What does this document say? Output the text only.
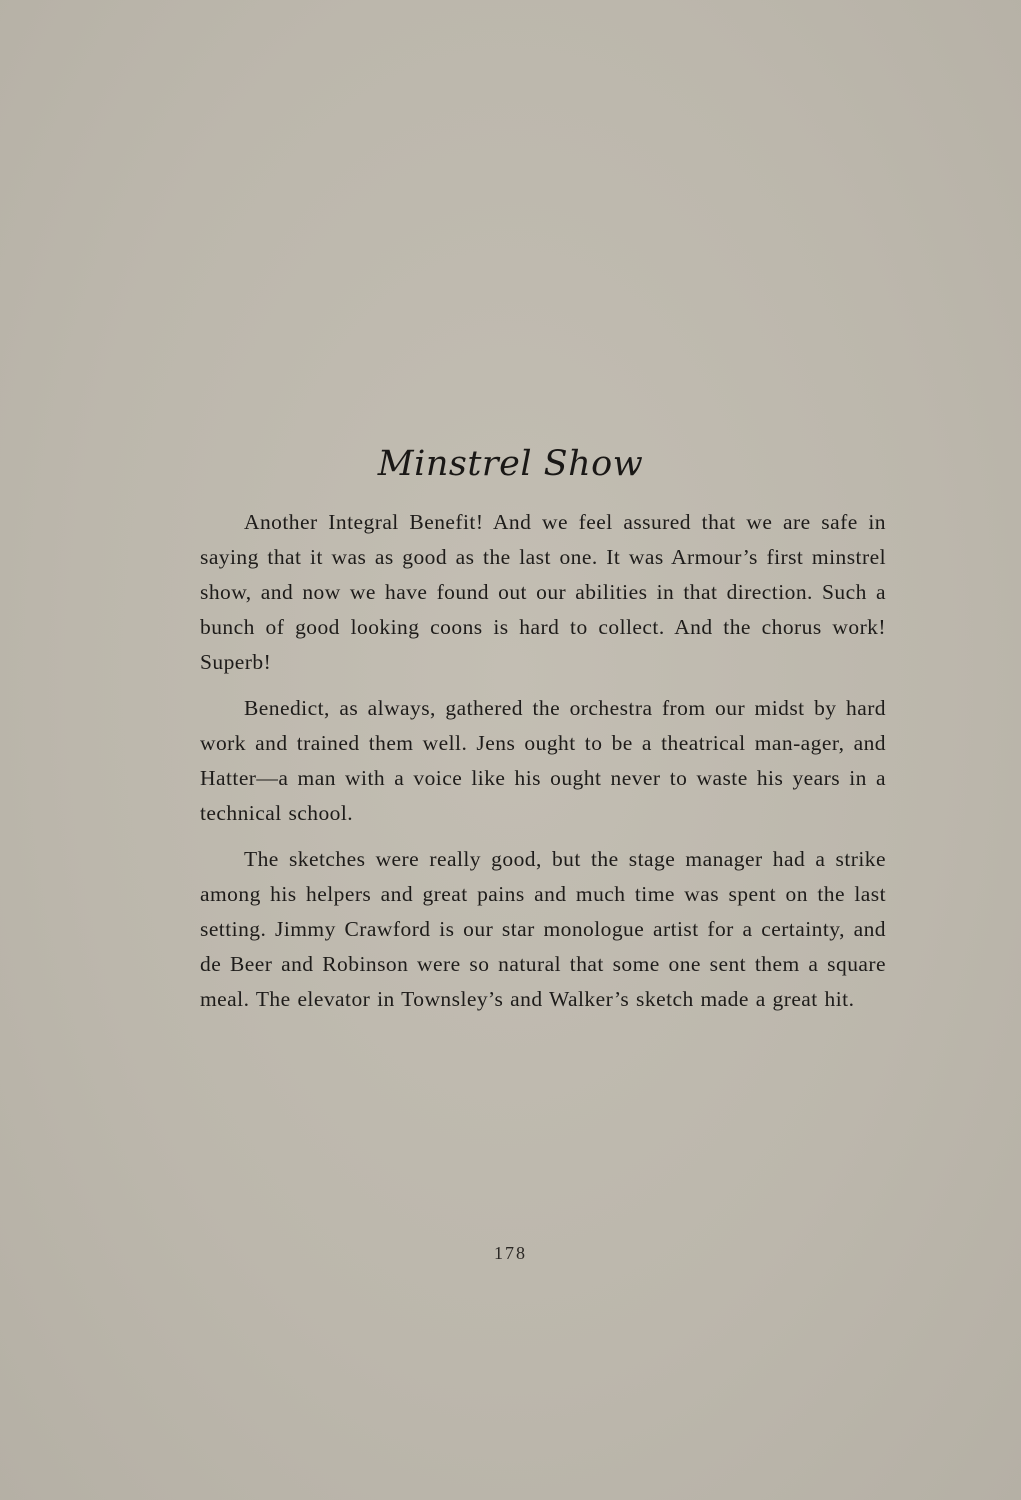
Minstrel Show

Another Integral Benefit! And we feel assured that we are safe in saying that it was as good as the last one. It was Armour’s first minstrel show, and now we have found out our abilities in that direction. Such a bunch of good looking coons is hard to collect. And the chorus work! Superb!

Benedict, as always, gathered the orchestra from our midst by hard work and trained them well. Jens ought to be a theatrical man-ager, and Hatter—a man with a voice like his ought never to waste his years in a technical school.

The sketches were really good, but the stage manager had a strike among his helpers and great pains and much time was spent on the last setting. Jimmy Crawford is our star monologue artist for a certainty, and de Beer and Robinson were so natural that some one sent them a square meal. The elevator in Townsley’s and Walker’s sketch made a great hit.

178
